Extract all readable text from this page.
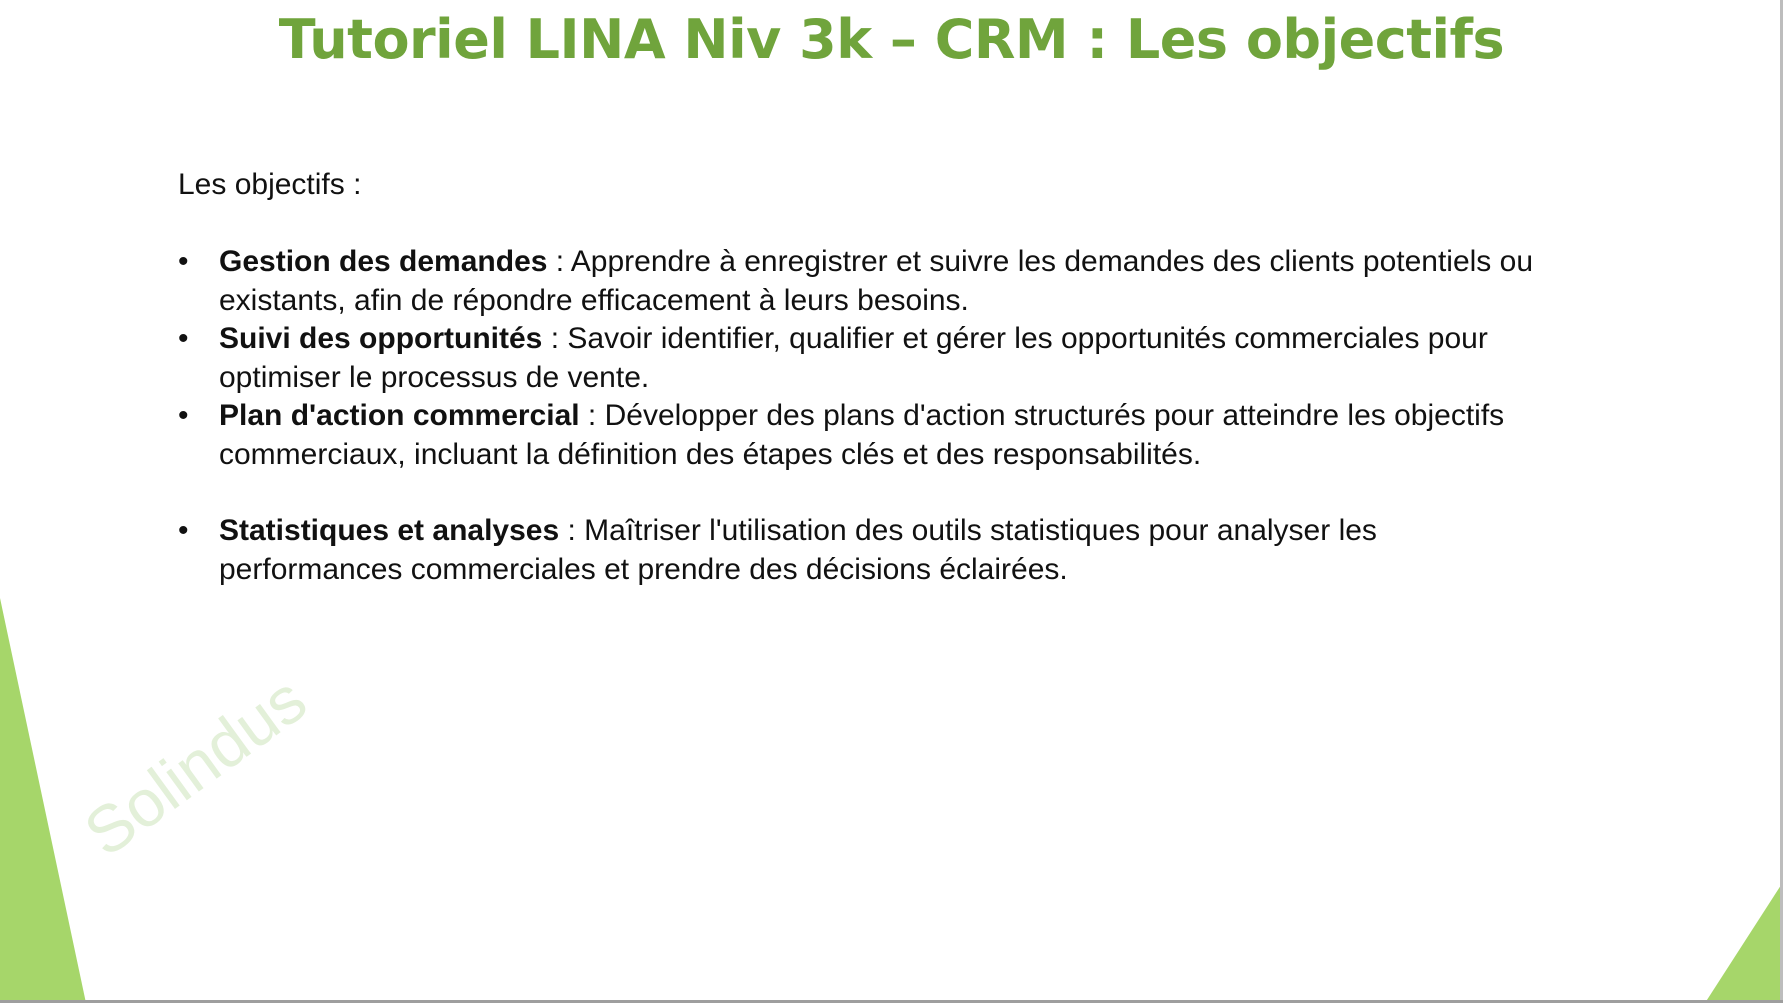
Solindus
Tutoriel LINA Niv 3k – CRM : Les objectifs
Les objectifs :
• Gestion des demandes : Apprendre à enregistrer et suivre les demandes des clients potentiels ou existants, afin de répondre efficacement à leurs besoins.
• Suivi des opportunités : Savoir identifier, qualifier et gérer les opportunités commerciales pour optimiser le processus de vente.
• Plan d'action commercial : Développer des plans d'action structurés pour atteindre les objectifs commerciaux, incluant la définition des étapes clés et des responsabilités.
• Statistiques et analyses : Maîtriser l'utilisation des outils statistiques pour analyser les performances commerciales et prendre des décisions éclairées.
